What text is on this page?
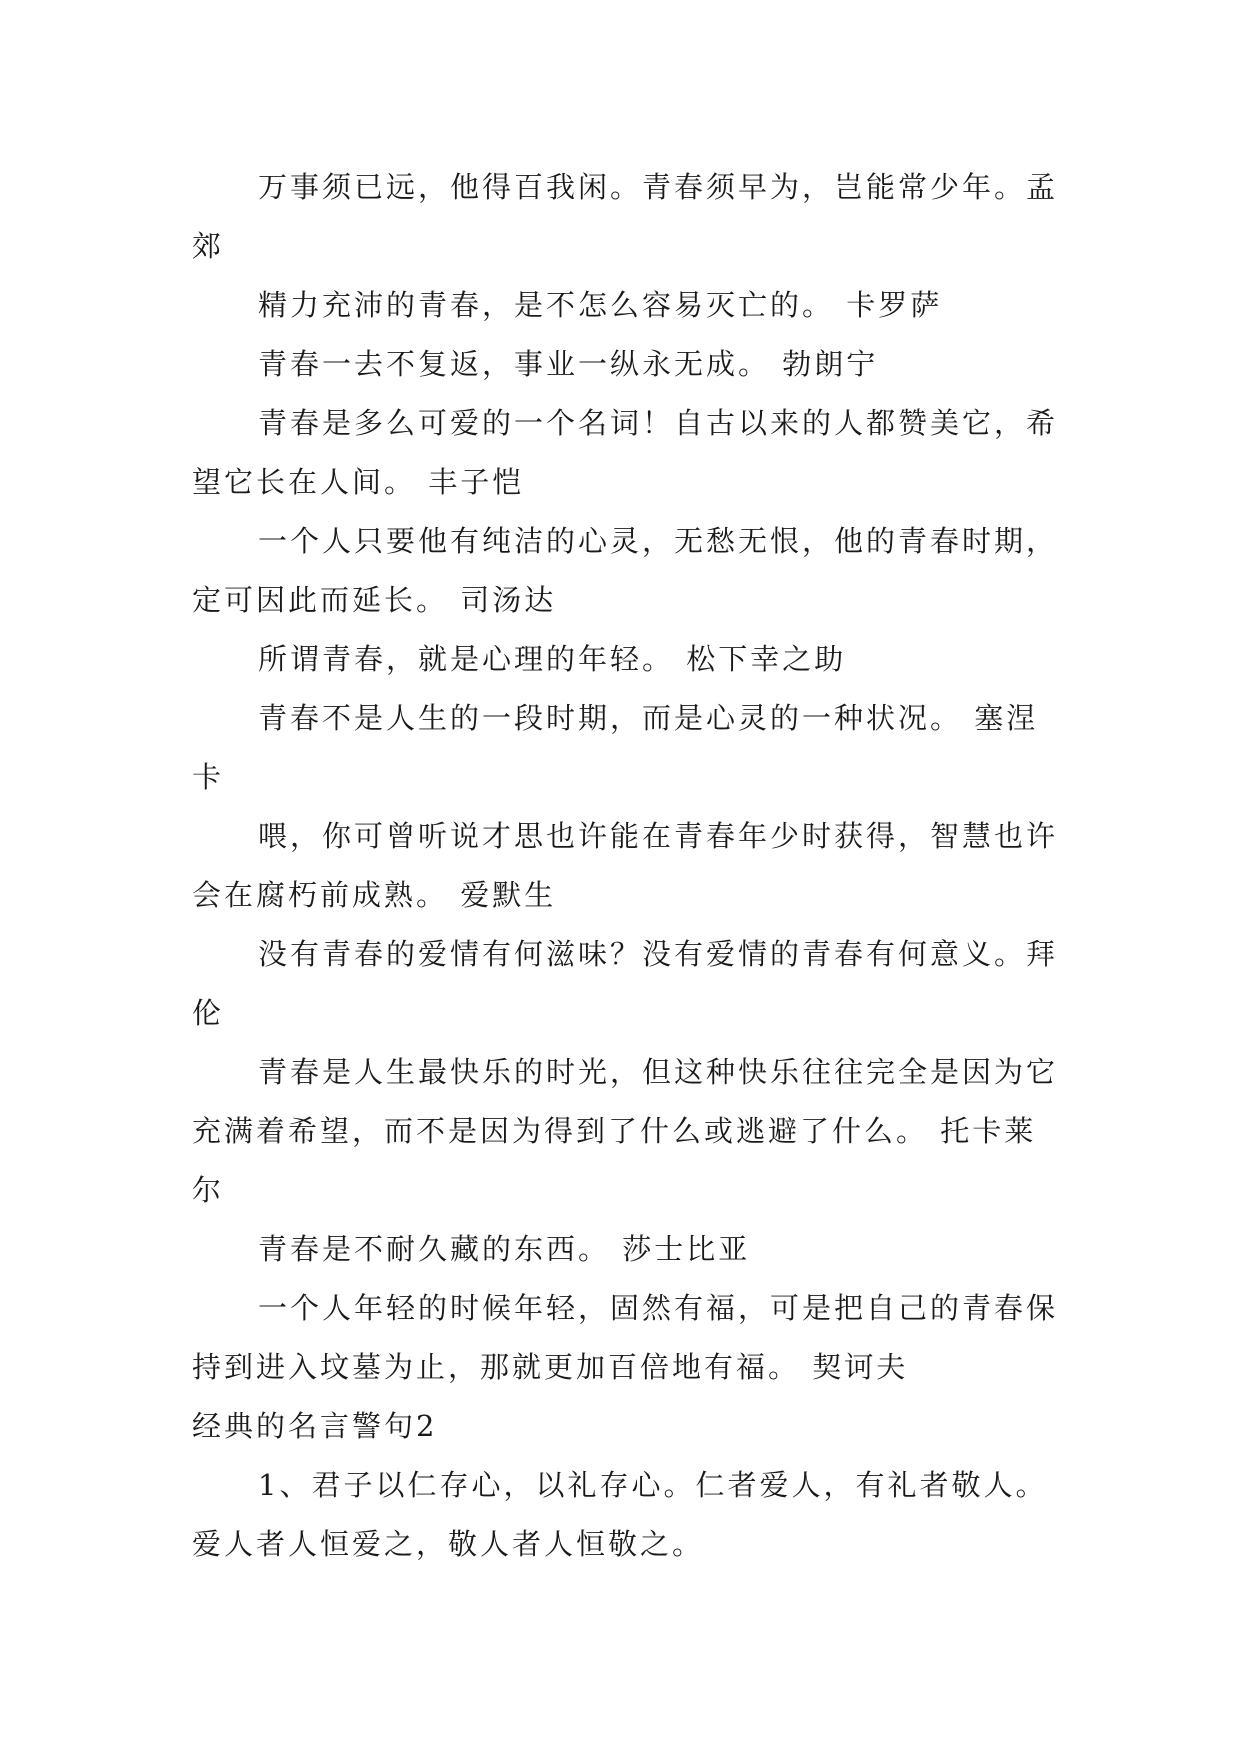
万事须已远，他得百我闲。青春须早为，岂能常少年。孟郊

精力充沛的青春，是不怎么容易灭亡的。 卡罗萨

青春一去不复返，事业一纵永无成。 勃朗宁

青春是多么可爱的一个名词！自古以来的人都赞美它，希望它长在人间。 丰子恺

一个人只要他有纯洁的心灵，无愁无恨，他的青春时期，定可因此而延长。 司汤达

所谓青春，就是心理的年轻。 松下幸之助

青春不是人生的一段时期，而是心灵的一种状况。 塞涅卡

喂，你可曾听说才思也许能在青春年少时获得，智慧也许会在腐朽前成熟。 爱默生

没有青春的爱情有何滋味？没有爱情的青春有何意义。拜伦

青春是人生最快乐的时光，但这种快乐往往完全是因为它充满着希望，而不是因为得到了什么或逃避了什么。 托卡莱尔

青春是不耐久藏的东西。 莎士比亚

一个人年轻的时候年轻，固然有福，可是把自己的青春保持到进入坟墓为止，那就更加百倍地有福。 契诃夫

经典的名言警句2

1、君子以仁存心，以礼存心。仁者爱人，有礼者敬人。爱人者人恒爱之，敬人者人恒敬之。
